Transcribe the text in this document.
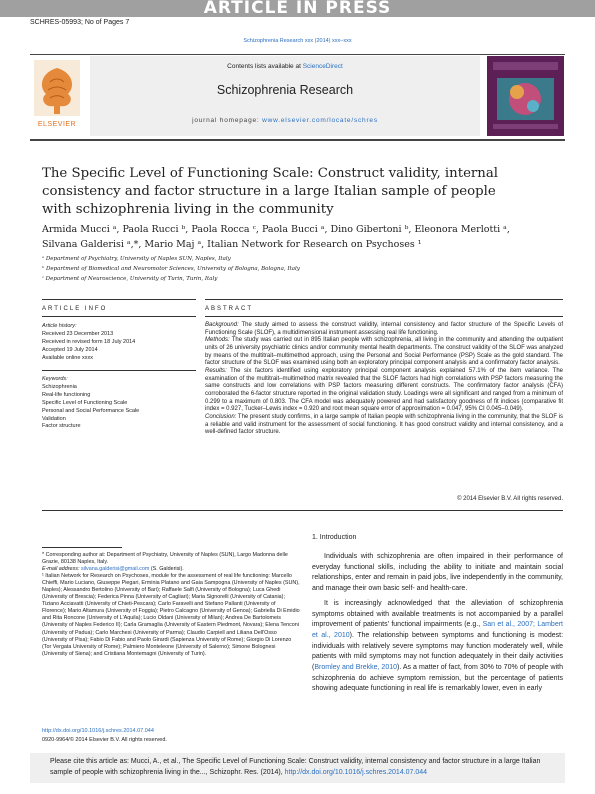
ARTICLE IN PRESS
SCHRES-05993; No of Pages 7
Schizophrenia Research xxx (2014) xxx–xxx
ELSEVIER
Contents lists available at ScienceDirect
Schizophrenia Research
journal homepage: www.elsevier.com/locate/schres
The Specific Level of Functioning Scale: Construct validity, internal consistency and factor structure in a large Italian sample of people with schizophrenia living in the community
Armida Mucci ᵃ, Paola Rucci ᵇ, Paola Rocca ᶜ, Paola Bucci ᵃ, Dino Gibertoni ᵇ, Eleonora Merlotti ᵃ,
Silvana Galderisi ᵃ,*, Mario Maj ᵃ, Italian Network for Research on Psychoses ¹
ᵃ Department of Psychiatry, University of Naples SUN, Naples, Italy
ᵇ Department of Biomedical and Neuromotor Sciences, University of Bologna, Bologna, Italy
ᶜ Department of Neuroscience, University of Turin, Turin, Italy
ARTICLE INFO
Article history:
Received 23 December 2013
Received in revised form 18 July 2014
Accepted 19 July 2014
Available online xxxx
Keywords:
Schizophrenia
Real-life functioning
Specific Level of Functioning Scale
Personal and Social Performance Scale
Validation
Factor structure
ABSTRACT
Background: The study aimed to assess the construct validity, internal consistency and factor structure of the Specific Levels of Functioning Scale (SLOF), a multidimensional instrument assessing real life functioning.
Methods: The study was carried out in 895 Italian people with schizophrenia, all living in the community and attending the outpatient units of 26 university psychiatric clinics and/or community mental health departments. The construct validity of the SLOF was analyzed by means of the multitrait–multimethod approach, using the Personal and Social Performance (PSP) Scale as the gold standard. The factor structure of the SLOF was examined using both an exploratory principal component analysis and a confirmatory factor analysis.
Results: The six factors identified using exploratory principal component analysis explained 57.1% of the item variance. The examination of the multitrait–multimethod matrix revealed that the SLOF factors had high correlations with PSP factors measuring the same constructs and low correlations with PSP factors measuring different constructs. The confirmatory factor analysis (CFA) corroborated the 6-factor structure reported in the original validation study. Loadings were all significant and ranged from a minimum of 0.299 to a maximum of 0.803. The CFA model was adequately powered and had satisfactory goodness of fit indices (comparative fit index = 0.927, Tucker–Lewis index = 0.920 and root mean square error of approximation = 0.047, 95% CI 0.045–0.049).
Conclusion: The present study confirms, in a large sample of Italian people with schizophrenia living in the community, that the SLOF is a reliable and valid instrument for the assessment of social functioning. It has good construct validity and internal consistency, and a well-defined factor structure.
© 2014 Elsevier B.V. All rights reserved.
* Corresponding author at: Department of Psychiatry, University of Naples (SUN), Largo Madonna delle Grazie, 80138 Naples, Italy.
E-mail address: silvana.galderisi@gmail.com (S. Galderisi).
¹ Italian Network for Research on Psychoses, module for the assessment of real life functioning: Marcello Chieffi, Mario Luciano, Giuseppe Piegari, Erminia Platano and Gaia Sampogna (University of Naples (SUN), Naples); Alessandro Bertolino (University of Bari); Raffaele Salfi (University of Bologna); Luca Ghedi (University of Brescia); Federica Pinna (University of Cagliari); Maria Signorelli (University of Catania); Tiziano Acciavatti (University of Chieti-Pescara); Carlo Faravelli and Stefano Pallanti (University of Florence); Mario Altamura (University of Foggia); Pietro Calcagno (University of Genoa); Gabriella Di Emidio and Rita Roncone (University of L'Aquila); Lucio Oldani (University of Milan); Andrea De Bartolomeis (University of Naples Federico II); Carla Gramaglia (University of Eastern Piedmont, Novara); Elena Tenconi (University of Padua); Carlo Marchesi (University of Parma); Claudio Carpiell and Liliana Dell'Osso (University of Pisa); Fabio Di Fabio and Paolo Girardi (Sapienza University of Rome); Giorgio Di Lorenzo (Tor Vergata University of Rome); Palmiero Monteleone (University of Salerno); Simone Bolognesi (University of Siena); and Cristiana Montemagni (University of Turin).
1. Introduction

Individuals with schizophrenia are often impaired in their performance of everyday functional skills, including the ability to initiate and maintain social relationships, enter and remain in paid jobs, live independently in the community, and manage their own basic self- and health-care.

It is increasingly acknowledged that the alleviation of schizophrenia symptoms obtained with available treatments is not accompanied by a parallel improvement of patients' functional impairments (e.g., San et al., 2007; Lambert et al., 2010). The relationship between symptoms and functioning is modest: individuals with relatively severe symptoms may function moderately well, while patients with mild symptoms may not function adequately in their daily activities (Bromley and Brekke, 2010). As a matter of fact, from 30% to 70% of people with schizophrenia do achieve symptom remission, but the percentage of patients showing adequate functioning in real life is remarkably lower, even in early

http://dx.doi.org/10.1016/j.schres.2014.07.044
0920-9964/© 2014 Elsevier B.V. All rights reserved.
Please cite this article as: Mucci, A., et al., The Specific Level of Functioning Scale: Construct validity, internal consistency and factor structure in a large Italian sample of people with schizophrenia living in the..., Schizophr. Res. (2014), http://dx.doi.org/10.1016/j.schres.2014.07.044
